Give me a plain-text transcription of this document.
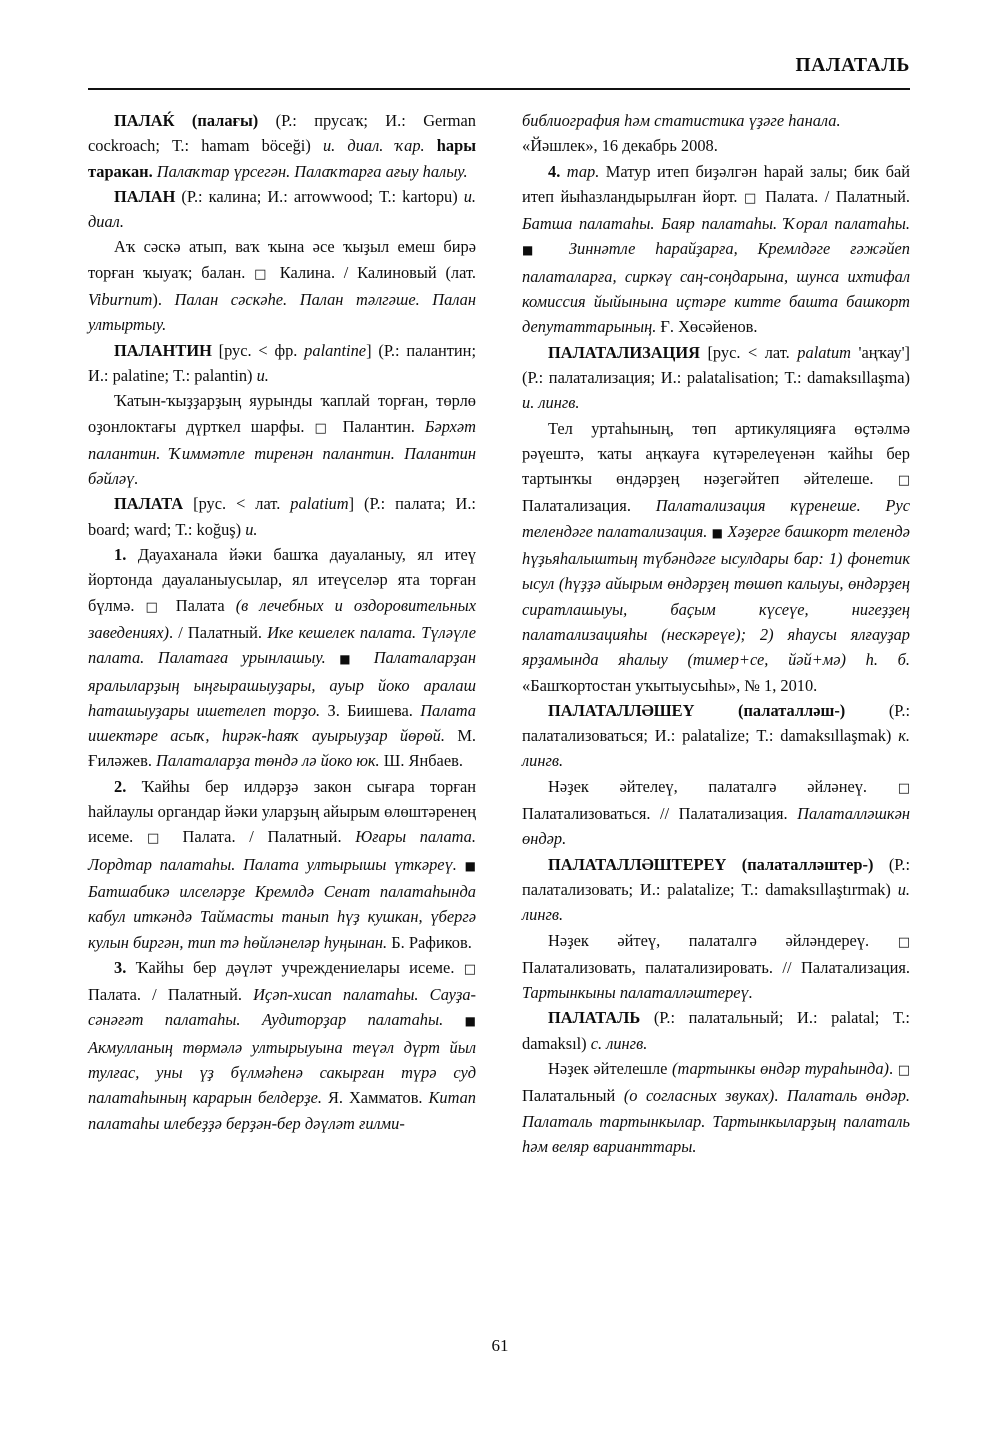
ПАЛАТАЛЬ

ПАЛАЌ (палағы) (Р.: прусаҡ; И.: German cockroach; Т.: hamam böceği) и. диал. ҡар. hары таракан. Палаҡтар үрсегән. Палаҡтарға ағыу hалыу.

ПАЛАН (Р.: калина; И.: arrowwood; Т.: kartopu) и. диал.

Аҡ сәскә атып, ваҡ ҡына әсе ҡыҙыл емеш бирә торған ҡыуаҡ; балан. □ Калина. / Калиновый (лат. Viburnum). Палан сәскәhе. Палан тәлгәше. Палан ултыртыу.

ПАЛАНТИН [рус. < фр. palantine] (Р.: палантин; И.: palatine; Т.: palantin) и.

Ҡатын-ҡыҙҙарҙың яурынды ҡаплай торған, төрлө оҙонлоктағы дүрткел шарфы. □ Палантин. Бәрхәт палантин. Ҡиммәтле тиренән палантин. Палантин бәйләү.

ПАЛАТА [рус. < лат. palatium] (Р.: палата; И.: board; ward; Т.: koğuş) и.

1. Дауаханала йәки башҡа дауаланыу, ял итеү йортонда дауаланыусылар, ял итеүселәр ята торған бүлмә. □ Палата (в лечебных и оздоровительных заведениях). / Палатный. Ике кешелек палата. Түләүле палата. Палатаға урынлашыу. ■ Палаталарҙан яралыларҙың ыңғырашыуҙары, ауыр йоко аралаш hаташыуҙары ишетелеп торҙо. З. Биишева. Палата ишектәре асыҡ, hирәк-hаяҡ ауырыуҙар йөрөй. М. Ғиләжев. Палаталарҙа төндә лә йоко юк. Ш. Янбаев.

2. Ҡайhы бер илдәрҙә закон сығара торған hайлаулы органдар йәки уларҙың айырым өлөштәренең исеме. □ Палата. / Палатный. Юғары палата. Лордтар палатаhы. Палата ултырышы үткәреү. ■ Батшабикә илселәрҙе Кремлдә Сенат палатаhында кабул иткәндә Таймасты танып hүҙ кушкан, үбергә кулын биргән, тип тә hөйләнеләр hуңынан. Б. Рафиков.

3. Ҡайhы бер дәүләт учреждениелары исеме. □ Палата. / Палатный. Иҫәп-хисап палатаhы. Сауҙа-сәнәғәт палатаhы. Аудиторҙар палатаhы. ■ Акмулланың төрмәлә ултырыуына теүәл дүрт йыл тулғас, уны үҙ бүлмәhенә сакырған түрә суд палатаhының карарын белдерҙе. Я. Хамматов. Китап палатаhы илебеҙҙә берҙән-бер дәүләт ғилми-

библиография hәм статистика үҙәге hанала.
«Йәшлек», 16 декабрь 2008.

4. тар. Матур итеп биҙәлгән hарай залы; бик бай итеп йыhазландырылған йорт. □ Палата. / Палатный. Батша палатаhы. Баяр палатаhы. Ҡорал палатаhы. ■ Зиннәтле hарайҙарға, Кремлдәге ғәжәйеп палаталарға, сиркәү саң-соңдарына, шунса ихтифал комиссия йыйынына иҫтәре китте башта башкорт депутаттарының. Ғ. Хөсәйенов.

ПАЛАТАЛИЗАЦИЯ [рус. < лат. palatum 'аңҡау'] (Р.: палатализация; И.: palatalisation; Т.: damaksıllaşma) и. лингв.

Тел уртаhының, төп артикуляцияға өҫтәлмә рәүештә, ҡаты аңҡауға күтәрелеүенән ҡайhы бер тартынҡы өндәрҙең нәҙегәйтеп әйтелеше. □ Палатализация. Палатализация күренеше. Рус телендәге палатализация. ■ Хәҙерге башкорт телендә hүҙьяhалыштың түбәндәге ысулдары бар: 1) фонетик ысул (hүҙҙә айырым өндәрҙең төшөп калыуы, өндәрҙең сиратлашыуы, баҫым күсеүе, нигеҙҙең палатализацияhы (нескәреүе); 2) яhаусы ялғауҙар ярҙамында яhалыу (тимер+се, йәй+мә) h. б. «Башҡортостан уҡытыусыhы», № 1, 2010.

ПАЛАТАЛЛӘШЕҮ (палаталләш-) (Р.: палатализоваться; И.: palatalize; Т.: damaksıllaşmak) к. лингв.

Нәҙек әйтелеү, палаталгә әйләнеү. □ Палатализоваться. // Палатализация. Палаталләшкән өндәр.

ПАЛАТАЛЛӘШТЕРЕҮ (палаталләштер-) (Р.: палатализовать; И.: palatalize; Т.: damaksıllaştırmak) и. лингв.

Нәҙек әйтеү, палаталгә әйләндереү. □ Палатализовать, палатализировать. // Палатализация. Тартынкыны палаталләштереү.

ПАЛАТАЛЬ (Р.: палатальный; И.: palatal; Т.: damaksıl) с. лингв.

Нәҙек әйтелешле (тартынкы өндәр тураhында). □ Палатальный (о согласных звуках). Палаталь өндәр. Палаталь тартынкылар. Тартынкыларҙың палаталь hәм веляр варианттары.

61
